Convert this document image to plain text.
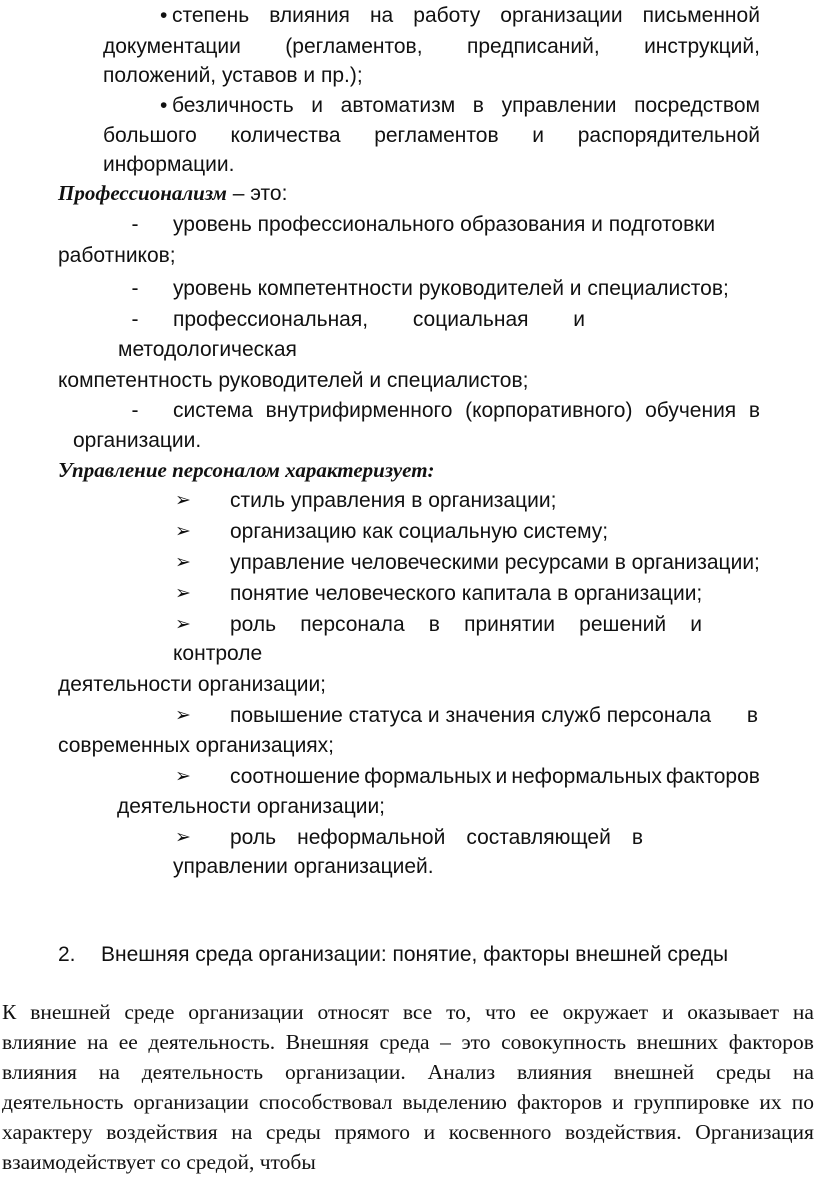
• степень влияния на работу организации письменной
документации (регламентов, предписаний, инструкций,
положений, уставов и пр.);
• безличность и автоматизм в управлении посредством
большого количества регламентов и распорядительной
информации.
Профессионализм – это:
-	уровень профессионального образования и подготовки
работников;
-	уровень компетентности руководителей и специалистов;
-	профессиональная, социальная и
методологическая
компетентность руководителей и специалистов;
-	система внутрифирменного (корпоративного) обучения в
организации.
Управление персоналом характеризует:
➢ стиль управления в организации;
➢ организацию как социальную систему;
➢ управление человеческими ресурсами в организации;
➢ понятие человеческого капитала в организации;
➢ роль персонала в принятии решений и
контроле
деятельности организации;
➢ повышение статуса и значения служб персонала в
современных организациях;
➢ соотношение формальных и неформальных факторов
деятельности организации;
➢ роль неформальной составляющей в
управлении организацией.
2. Внешняя среда организации: понятие, факторы внешней среды
К внешней среде организации относят все то, что ее окружает и оказывает на
влияние на ее деятельность. Внешняя среда – это совокупность внешних факторов
влияния на деятельность организации. Анализ влияния внешней среды на
деятельность организации способствовал выделению факторов и группировке их по
характеру воздействия на среды прямого и косвенного воздействия. Организация
взаимодействует со средой, чтобы
